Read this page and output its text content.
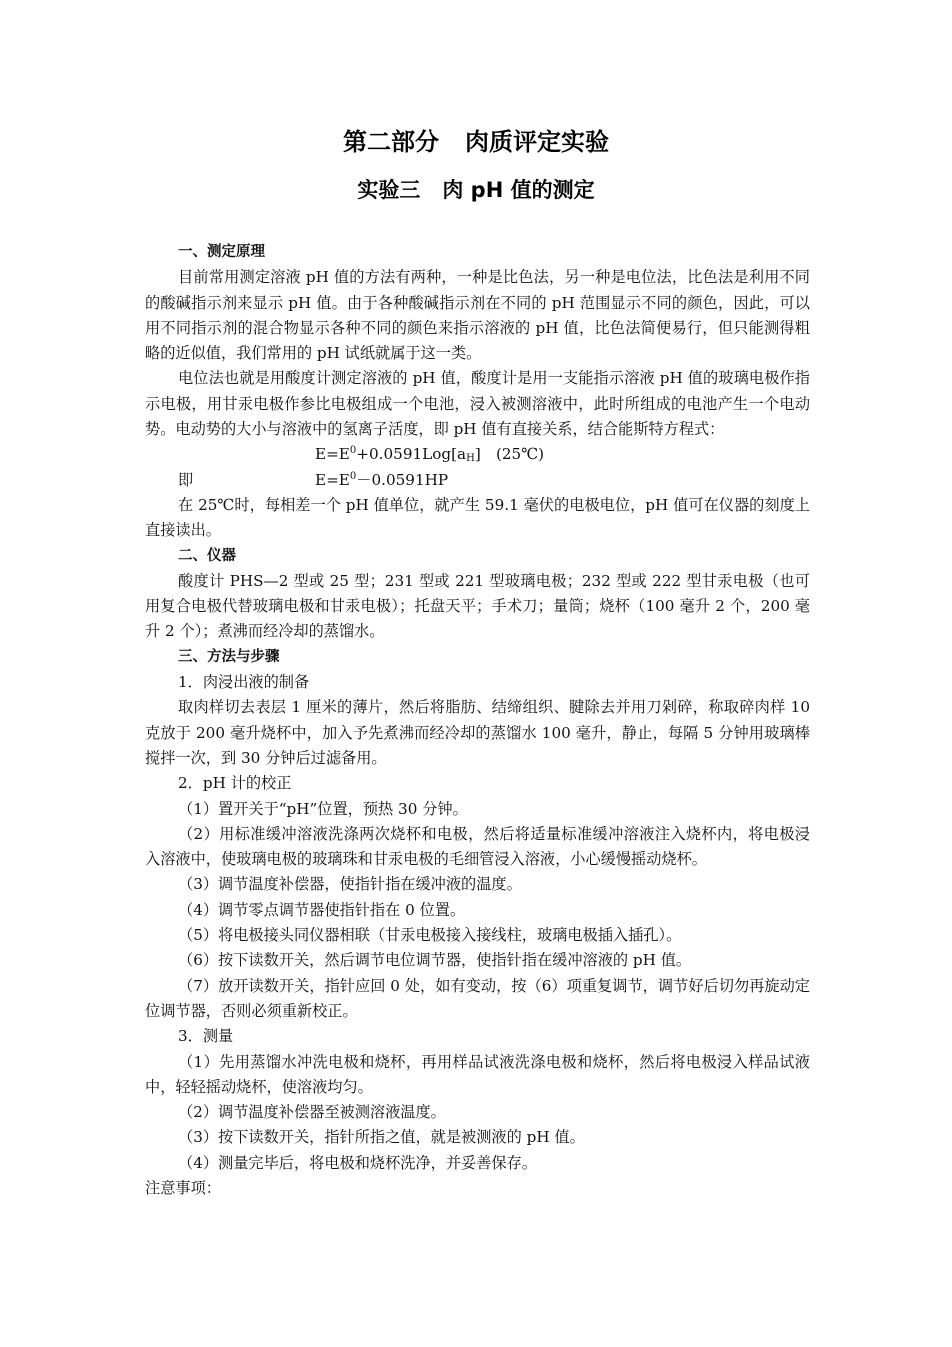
第二部分 肉质评定实验
实验三 肉 pH 值的测定

一、测定原理

目前常用测定溶液 pH 值的方法有两种，一种是比色法，另一种是电位法，比色法是利用不同的酸碱指示剂来显示 pH 值。由于各种酸碱指示剂在不同的 pH 范围显示不同的颜色，因此，可以用不同指示剂的混合物显示各种不同的颜色来指示溶液的 pH 值，比色法简便易行，但只能测得粗略的近似值，我们常用的 pH 试纸就属于这一类。

电位法也就是用酸度计测定溶液的 pH 值，酸度计是用一支能指示溶液 pH 值的玻璃电极作指示电极，用甘汞电极作参比电极组成一个电池，浸入被测溶液中，此时所组成的电池产生一个电动势。电动势的大小与溶液中的氢离子活度，即 pH 值有直接关系，结合能斯特方程式：

$E=E^0+0.0591Log[a_H]$　(25℃)
即	$E=E^0-0.0591HP$

在 25℃时，每相差一个 pH 值单位，就产生 59.1 毫伏的电极电位，pH 值可在仪器的刻度上直接读出。

二、仪器

酸度计 PHS—2 型或 25 型；231 型或 221 型玻璃电极；232 型或 222 型甘汞电极（也可用复合电极代替玻璃电极和甘汞电极）；托盘天平；手术刀；量筒；烧杯（100 毫升 2 个，200 毫升 2 个）；煮沸而经冷却的蒸馏水。

三、方法与步骤

1．肉浸出液的制备

取肉样切去表层 1 厘米的薄片，然后将脂肪、结缔组织、腱除去并用刀剁碎，称取碎肉样 10 克放于 200 毫升烧杯中，加入予先煮沸而经冷却的蒸馏水 100 毫升，静止，每隔 5 分钟用玻璃棒搅拌一次，到 30 分钟后过滤备用。

2．pH 计的校正

（1）置开关于“pH”位置，预热 30 分钟。

（2）用标准缓冲溶液洗涤两次烧杯和电极，然后将适量标准缓冲溶液注入烧杯内，将电极浸入溶液中，使玻璃电极的玻璃珠和甘汞电极的毛细管浸入溶液，小心缓慢摇动烧杯。

（3）调节温度补偿器，使指针指在缓冲液的温度。

（4）调节零点调节器使指针指在 0 位置。

（5）将电极接头同仪器相联（甘汞电极接入接线柱，玻璃电极插入插孔）。

（6）按下读数开关，然后调节电位调节器，使指针指在缓冲溶液的 pH 值。

（7）放开读数开关，指针应回 0 处，如有变动，按（6）项重复调节，调节好后切勿再旋动定位调节器，否则必须重新校正。

3．测量

（1）先用蒸馏水冲洗电极和烧杯，再用样品试液洗涤电极和烧杯，然后将电极浸入样品试液中，轻轻摇动烧杯，使溶液均匀。

（2）调节温度补偿器至被测溶液温度。

（3）按下读数开关，指针所指之值，就是被测液的 pH 值。

（4）测量完毕后，将电极和烧杯洗净，并妥善保存。

注意事项：
